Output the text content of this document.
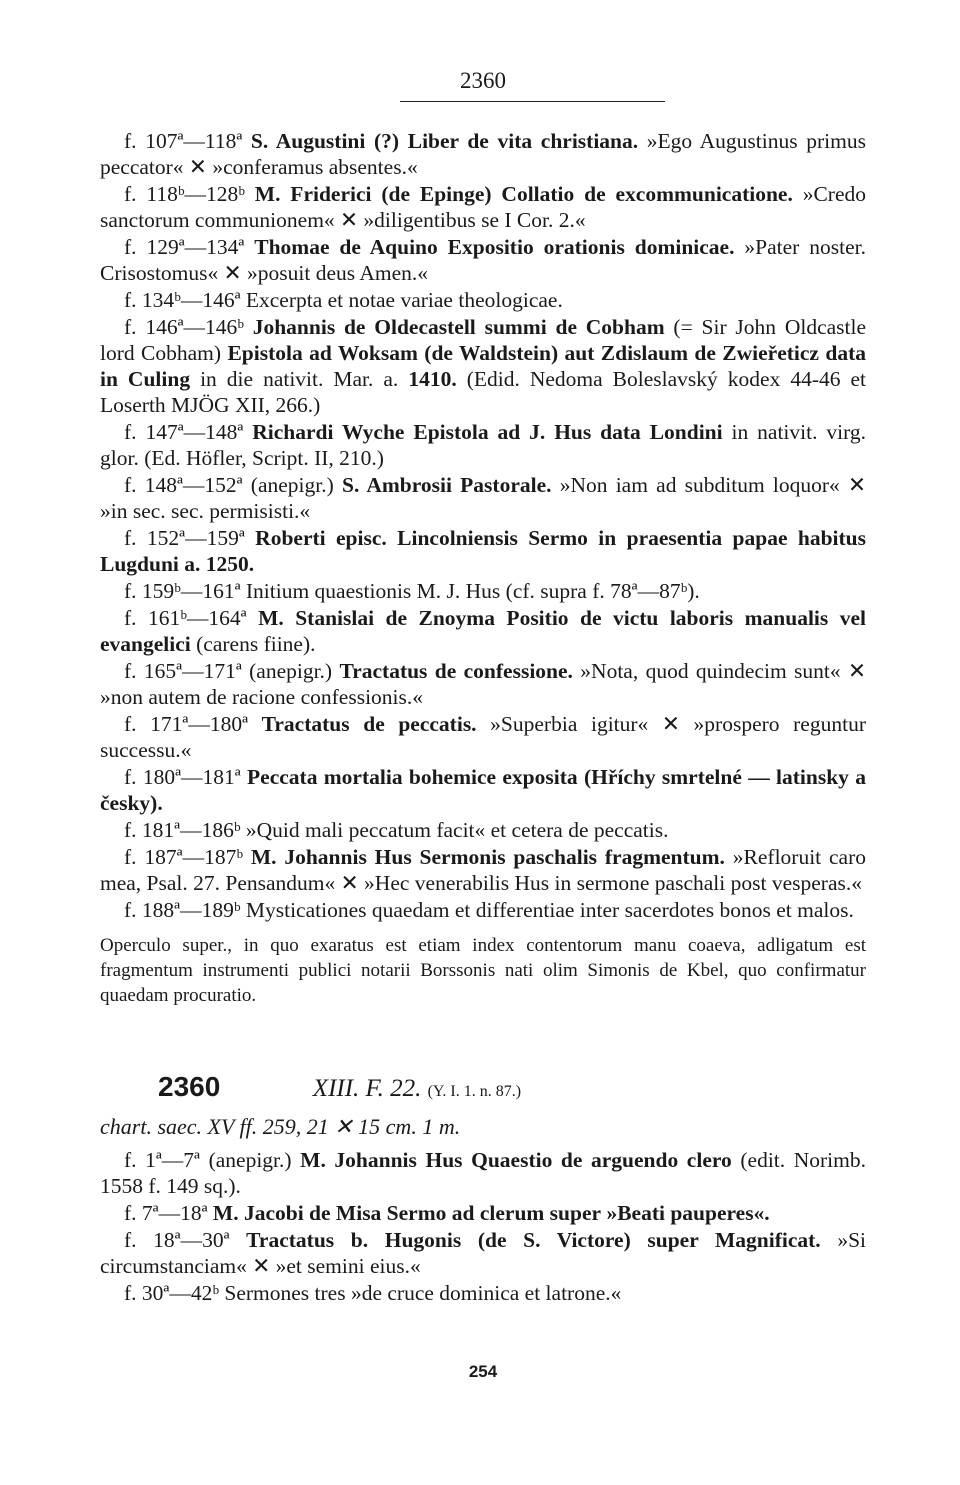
2360
f. 107ª—118ª S. Augustini (?) Liber de vita christiana. »Ego Augustinus primus peccator« ✕ »conferamus absentes.«
f. 118ᵇ—128ᵇ M. Friderici (de Epinge) Collatio de excommunicatione. »Credo sanctorum communionem« ✕ »diligentibus se I Cor. 2.«
f. 129ª—134ª Thomae de Aquino Expositio orationis dominicae. »Pater noster. Crisostomus« ✕ »posuit deus Amen.«
f. 134ᵇ—146ª Excerpta et notae variae theologicae.
f. 146ª—146ᵇ Johannis de Oldecastell summi de Cobham (= Sir John Oldcastle lord Cobham) Epistola ad Woksam (de Waldstein) aut Zdislaum de Zwieřeticz data in Culing in die nativit. Mar. a. 1410. (Edid. Nedoma Boleslavský kodex 44-46 et Loserth MJÖG XII, 266.)
f. 147ª—148ª Richardi Wyche Epistola ad J. Hus data Londini in nativit. virg. glor. (Ed. Höfler, Script. II, 210.)
f. 148ª—152ª (anepigr.) S. Ambrosii Pastorale. »Non iam ad subditum loquor« ✕ »in sec. sec. permisisti.«
f. 152ª—159ª Roberti episc. Lincolniensis Sermo in praesentia papae habitus Lugduni a. 1250.
f. 159ᵇ—161ª Initium quaestionis M. J. Hus (cf. supra f. 78ª—87ᵇ).
f. 161ᵇ—164ª M. Stanislai de Znoyma Positio de victu laboris manualis vel evangelici (carens fiine).
f. 165ª—171ª (anepigr.) Tractatus de confessione. »Nota, quod quindecim sunt« ✕ »non autem de racione confessionis.«
f. 171ª—180ª Tractatus de peccatis. »Superbia igitur« ✕ »prospero reguntur successu.«
f. 180ª—181ª Peccata mortalia bohemice exposita (Hříchy smrtelné — latinsky a česky).
f. 181ª—186ᵇ »Quid mali peccatum facit« et cetera de peccatis.
f. 187ª—187ᵇ M. Johannis Hus Sermonis paschalis fragmentum. »Refloruit caro mea, Psal. 27. Pensandum« ✕ »Hec venerabilis Hus in sermone paschali post vesperas.«
f. 188ª—189ᵇ Mysticationes quaedam et differentiae inter sacerdotes bonos et malos.
Operculo super., in quo exaratus est etiam index contentorum manu coaeva, adligatum est fragmentum instrumenti publici notarii Borssonis nati olim Simonis de Kbel, quo confirmatur quaedam procuratio.
2360	XIII. F. 22. (Y. I. 1. n. 87.)
chart. saec. XV ff. 259, 21 ✕ 15 cm. 1 m.
f. 1ª—7ª (anepigr.) M. Johannis Hus Quaestio de arguendo clero (edit. Norimb. 1558 f. 149 sq.).
f. 7ª—18ª M. Jacobi de Misa Sermo ad clerum super »Beati pauperes«.
f. 18ª—30ª Tractatus b. Hugonis (de S. Victore) super Magnificat. »Si circumstanciam« ✕ »et semini eius.«
f. 30ª—42ᵇ Sermones tres »de cruce dominica et latrone.«
254
